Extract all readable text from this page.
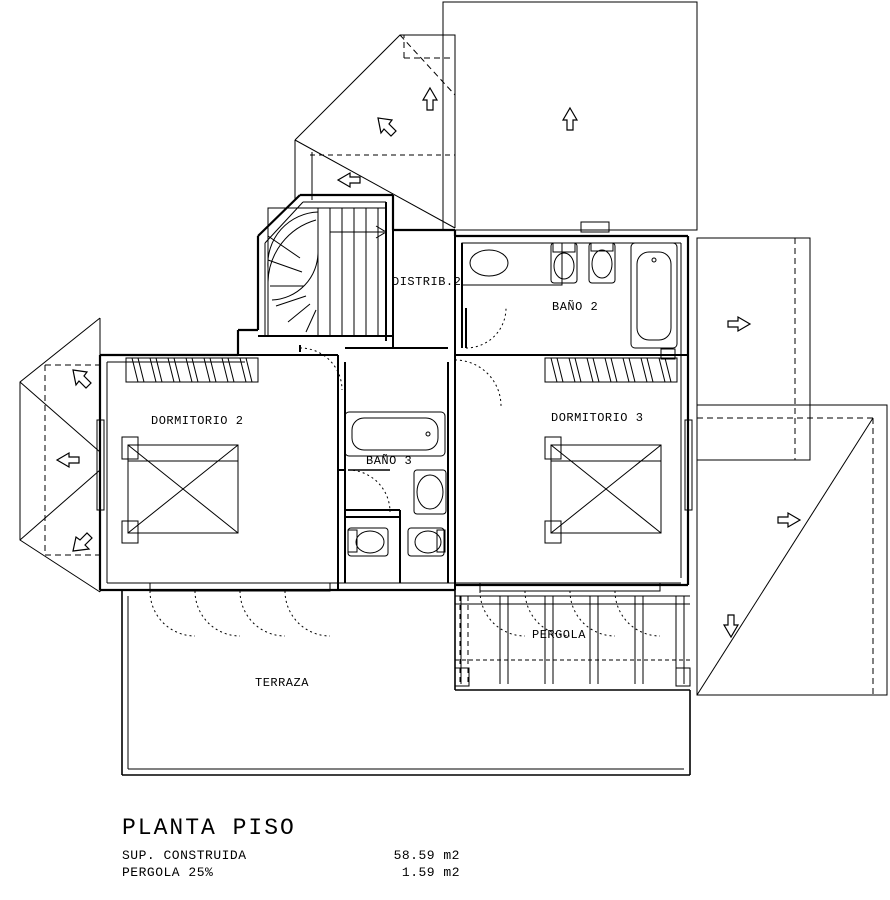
DISTRIB.2
BAÑO 2
DORMITORIO 2
BAÑO 3
DORMITORIO 3
PERGOLA
TERRAZA
PLANTA PISO
SUP. CONSTRUIDA	58.59 m2
PERGOLA 25%	1.59 m2
